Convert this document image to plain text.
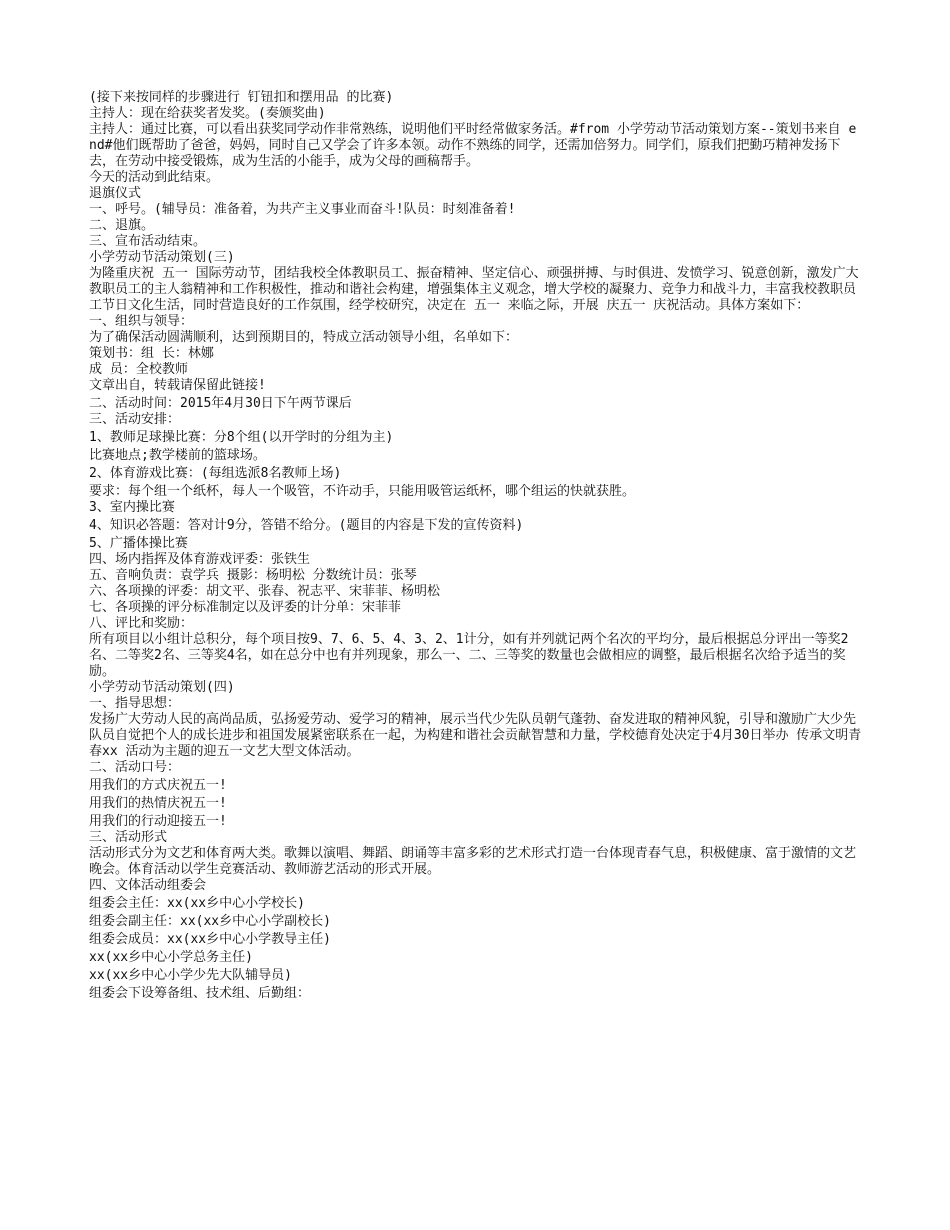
(接下来按同样的步骤进行 钉钮扣和摆用品 的比赛)

主持人：现在给获奖者发奖。(奏颁奖曲)

主持人：通过比赛，可以看出获奖同学动作非常熟练，说明他们平时经常做家务活。#from 小学劳动节活动策划方案--策划书来自 end#他们既帮助了爸爸，妈妈，同时自己又学会了许多本领。动作不熟练的同学，还需加倍努力。同学们，原我们把勤巧精神发扬下去，在劳动中接受锻炼，成为生活的小能手，成为父母的画稿帮手。

今天的活动到此结束。

退旗仪式

一、呼号。(辅导员：准备着，为共产主义事业而奋斗!队员：时刻准备着!

二、退旗。

三、宣布活动结束。

小学劳动节活动策划(三)

为隆重庆祝 五一 国际劳动节，团结我校全体教职员工、振奋精神、坚定信心、顽强拼搏、与时俱进、发愤学习、锐意创新，激发广大教职员工的主人翁精神和工作积极性，推动和谐社会构建，增强集体主义观念，增大学校的凝聚力、竞争力和战斗力，丰富我校教职员工节日文化生活，同时营造良好的工作氛围，经学校研究，决定在 五一 来临之际，开展 庆五一 庆祝活动。具体方案如下：

一、组织与领导：

为了确保活动圆满顺利，达到预期目的，特成立活动领导小组，名单如下：

策划书：组 长：林娜

成 员：全校教师

文章出自，转载请保留此链接!

二、活动时间：2015年4月30日下午两节课后

三、活动安排：

1、教师足球操比赛：分8个组(以开学时的分组为主)

比赛地点;教学楼前的篮球场。

2、体育游戏比赛：(每组选派8名教师上场)

要求：每个组一个纸杯，每人一个吸管，不许动手，只能用吸管运纸杯，哪个组运的快就获胜。

3、室内操比赛

4、知识必答题：答对计9分，答错不给分。(题目的内容是下发的宣传资料)

5、广播体操比赛

四、场内指挥及体育游戏评委：张铁生

五、音响负责：袁学兵 摄影：杨明松 分数统计员：张琴

六、各项操的评委：胡文平、张春、祝志平、宋菲菲、杨明松

七、各项操的评分标准制定以及评委的计分单：宋菲菲

八、评比和奖励：

所有项目以小组计总积分，每个项目按9、7、6、5、4、3、2、1计分，如有并列就记两个名次的平均分，最后根据总分评出一等奖2名、二等奖2名、三等奖4名，如在总分中也有并列现象，那么一、二、三等奖的数量也会做相应的调整，最后根据名次给予适当的奖励。

小学劳动节活动策划(四)

一、指导思想：

发扬广大劳动人民的高尚品质，弘扬爱劳动、爱学习的精神，展示当代少先队员朝气蓬勃、奋发进取的精神风貌，引导和激励广大少先队员自觉把个人的成长进步和祖国发展紧密联系在一起，为构建和谐社会贡献智慧和力量，学校德育处决定于4月30日举办 传承文明青春xx 活动为主题的迎五一文艺大型文体活动。

二、活动口号：

用我们的方式庆祝五一!

用我们的热情庆祝五一!

用我们的行动迎接五一!

三、活动形式

活动形式分为文艺和体育两大类。歌舞以演唱、舞蹈、朗诵等丰富多彩的艺术形式打造一台体现青春气息，积极健康、富于激情的文艺晚会。体育活动以学生竞赛活动、教师游艺活动的形式开展。

四、文体活动组委会

组委会主任：xx(xx乡中心小学校长)

组委会副主任：xx(xx乡中心小学副校长)

组委会成员：xx(xx乡中心小学教导主任)

xx(xx乡中心小学总务主任)

xx(xx乡中心小学少先大队辅导员)

组委会下设筹备组、技术组、后勤组：
